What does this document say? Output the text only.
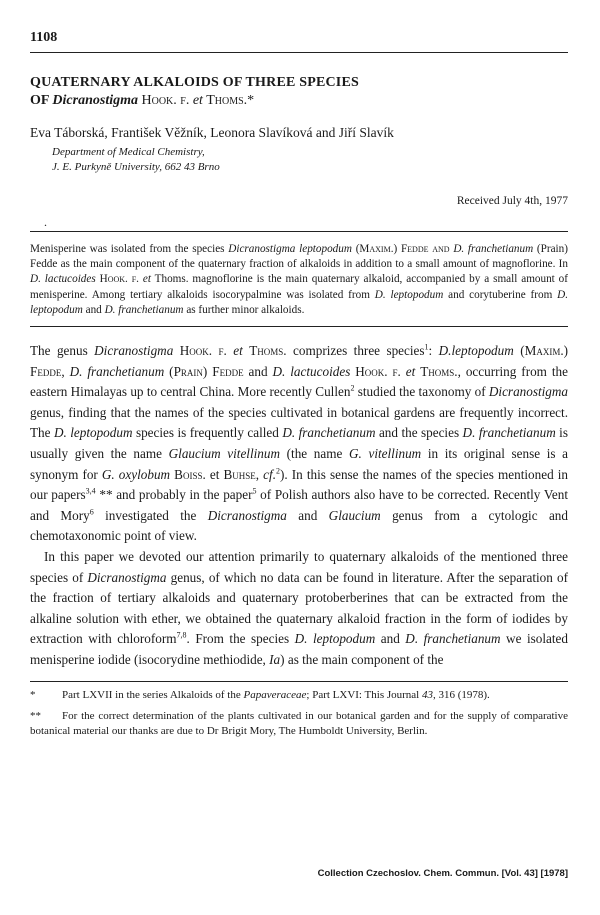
1108
QUATERNARY ALKALOIDS OF THREE SPECIES
OF Dicranostigma Hook. f. et Thoms.*
Eva Táborská, František Věžník, Leonora Slavíková and Jiří Slavík
Department of Medical Chemistry,
J. E. Purkyně University, 662 43 Brno
Received July 4th, 1977
.
Menisperine was isolated from the species Dicranostigma leptopodum (Maxim.) Fedde and D. franchetianum (Prain) Fedde as the main component of the quaternary fraction of alkaloids in addition to a small amount of magnoflorine. In D. lactucoides Hook. f. et Thoms. magnoflorine is the main quaternary alkaloid, accompanied by a small amount of menisperine. Among tertiary alkaloids isocorypalmine was isolated from D. leptopodum and corytuberine from D. leptopodum and D. franchetianum as further minor alkaloids.

The genus Dicranostigma Hook. f. et Thoms. comprizes three species$^1$: D.leptopodum (Maxim.) Fedde, D. franchetianum (Prain) Fedde and D. lactucoides Hook. f. et Thoms., occurring from the eastern Himalayas up to central China. More recently Cullen$^2$ studied the taxonomy of Dicranostigma genus, finding that the names of the species cultivated in botanical gardens are frequently incorrect. The D. leptopodum species is frequently called D. franchetianum and the species D. franchetianum is usually given the name Glaucium vitellinum (the name G. vitellinum in its original sense is a synonym for G. oxylobum Boiss. et Buhse, cf.$^2$). In this sense the names of the species mentioned in our papers$^{3,4}$ ** and probably in the paper$^5$ of Polish authors also have to be corrected. Recently Vent and Mory$^6$ investigated the Dicranostigma and Glaucium genus from a cytologic and chemotaxonomic point of view.

In this paper we devoted our attention primarily to quaternary alkaloids of the mentioned three species of Dicranostigma genus, of which no data can be found in literature. After the separation of the fraction of tertiary alkaloids and quaternary protoberberines that can be extracted from the alkaline solution with ether, we obtained the quaternary alkaloid fraction in the form of iodides by extraction with chloroform$^{7,8}$. From the species D. leptopodum and D. franchetianum we isolated menisperine iodide (isocorydine methiodide, Ia) as the main component of the

* Part LXVII in the series Alkaloids of the Papaveraceae; Part LXVI: This Journal 43, 316 (1978).
** For the correct determination of the plants cultivated in our botanical garden and for the supply of comparative botanical material our thanks are due to Dr Brigit Mory, The Humboldt University, Berlin.
Collection Czechoslov. Chem. Commun. [Vol. 43] [1978]
